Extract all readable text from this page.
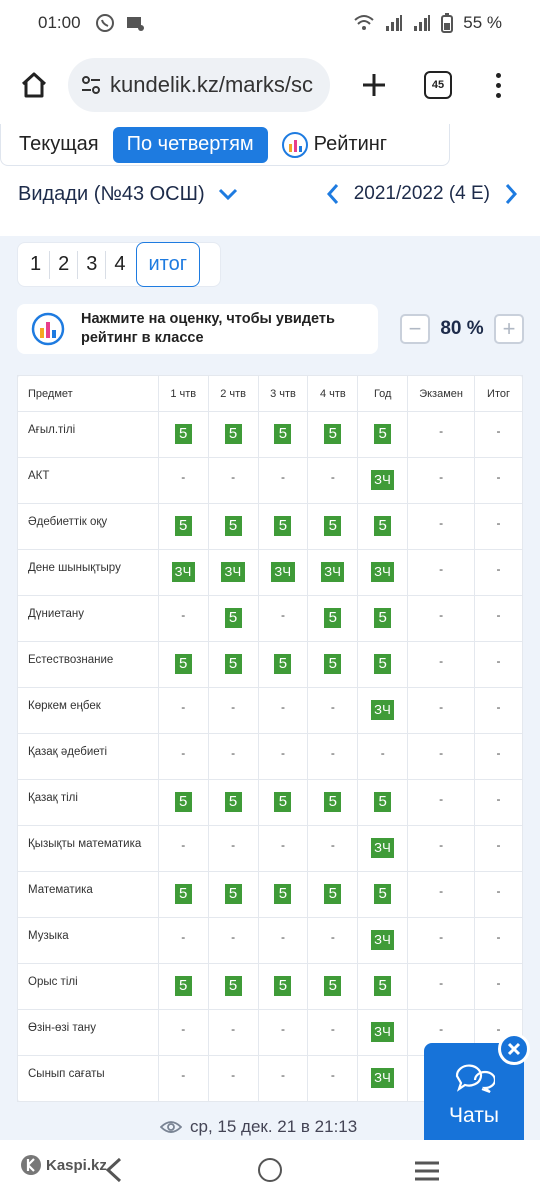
01:00	55 %
kundelik.kz/marks/sc	45
Текущая	По четвертям	Рейтинг
Видади (№43 ОСШ)	2021/2022 (4 Е)
1 2 3 4	итог
Нажмите на оценку, чтобы увидеть рейтинг в классе	− 80 % +
Предмет	1 чтв	2 чтв	3 чтв	4 чтв	Год	Экзамен	Итог
Ағыл.тілі	5	5	5	5	5	-	-
АКТ	-	-	-	-	ЗЧ	-	-
Әдебиеттік оқу	5	5	5	5	5	-	-
Дене шынықтыру	ЗЧ	ЗЧ	ЗЧ	ЗЧ	ЗЧ	-	-
Дүниетану	-	5	-	5	5	-	-
Естествознание	5	5	5	5	5	-	-
Көркем еңбек	-	-	-	-	ЗЧ	-	-
Қазақ әдебиеті	-	-	-	-	-	-	-
Қазақ тілі	5	5	5	5	5	-	-
Қызықты математика	-	-	-	-	ЗЧ	-	-
Математика	5	5	5	5	5	-	-
Музыка	-	-	-	-	ЗЧ	-	-
Орыс тілі	5	5	5	5	5	-	-
Өзін-өзі тану	-	-	-	-	ЗЧ	-	-
Сынып сағаты	-	-	-	-	ЗЧ		
ср, 15 дек. 21 в 21:13	Чаты
Kaspi.kz
